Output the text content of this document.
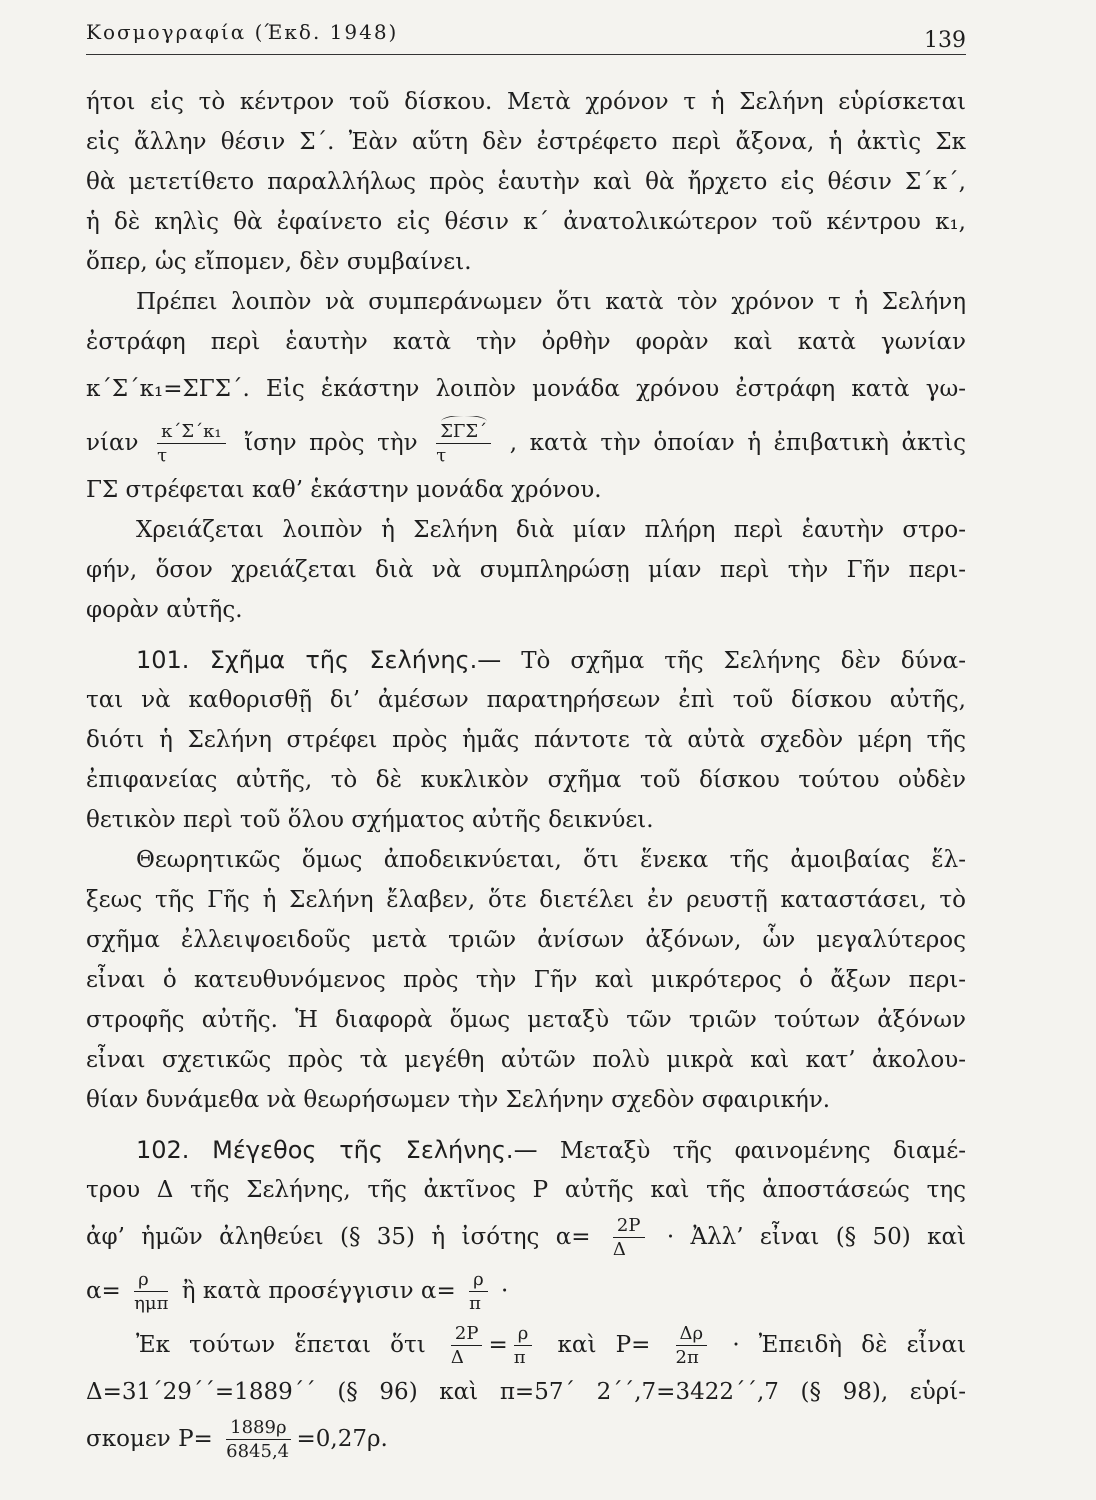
Κοσμογραφία (Έκδ. 1948)	139
ήτοι εἰς τὸ κέντρον τοῦ δίσκου. Μετὰ χρόνον τ ἡ Σελήνη εὑρίσκεται
εἰς ἄλλην θέσιν Σ΄. Ἐὰν αὕτη δὲν ἐστρέφετο περὶ ἄξονα, ἡ ἀκτὶς Σκ
θὰ μετετίθετο παραλλήλως πρὸς ἑαυτὴν καὶ θὰ ἤρχετο εἰς θέσιν Σ΄κ΄,
ἡ δὲ κηλὶς θὰ ἐφαίνετο εἰς θέσιν κ΄ ἀνατολικώτερον τοῦ κέντρου κ₁,
ὅπερ, ὡς εἴπομεν, δὲν συμβαίνει.
Πρέπει λοιπὸν νὰ συμπεράνωμεν ὅτι κατὰ τὸν χρόνον τ ἡ Σελήνη
ἐστράφη περὶ ἑαυτὴν κατὰ τὴν ὀρθὴν φορὰν καὶ κατὰ γωνίαν
κ΄Σ΄κ₁=ΣΓΣ΄. Εἰς ἑκάστην λοιπὸν μονάδα χρόνου ἐστράφη κατὰ γω-
νίαν $\frac{\text{κ΄Σ΄κ₁}}{\tau}$ ἴσην πρὸς τὴν $\frac{\text{ΣΓΣ΄}}{\tau}$ , κατὰ τὴν ὁποίαν ἡ ἐπιβατικὴ ἀκτὶς
ΓΣ στρέφεται καθ’ ἑκάστην μονάδα χρόνου.
Χρειάζεται λοιπὸν ἡ Σελήνη διὰ μίαν πλήρη περὶ ἑαυτὴν στρο-
φήν, ὅσον χρειάζεται διὰ νὰ συμπληρώσῃ μίαν περὶ τὴν Γῆν περι-
φορὰν αὐτῆς.
101. Σχῆμα τῆς Σελήνης.— Τὸ σχῆμα τῆς Σελήνης δὲν δύνα-
ται νὰ καθορισθῇ δι’ ἀμέσων παρατηρήσεων ἐπὶ τοῦ δίσκου αὐτῆς,
διότι ἡ Σελήνη στρέφει πρὸς ἡμᾶς πάντοτε τὰ αὐτὰ σχεδὸν μέρη τῆς
ἐπιφανείας αὐτῆς, τὸ δὲ κυκλικὸν σχῆμα τοῦ δίσκου τούτου οὐδὲν
θετικὸν περὶ τοῦ ὅλου σχήματος αὐτῆς δεικνύει.
Θεωρητικῶς ὅμως ἀποδεικνύεται, ὅτι ἕνεκα τῆς ἀμοιβαίας ἕλ-
ξεως τῆς Γῆς ἡ Σελήνη ἔλαβεν, ὅτε διετέλει ἐν ρευστῇ καταστάσει, τὸ
σχῆμα ἐλλειψοειδοῦς μετὰ τριῶν ἀνίσων ἀξόνων, ὧν μεγαλύτερος
εἶναι ὁ κατευθυνόμενος πρὸς τὴν Γῆν καὶ μικρότερος ὁ ἄξων περι-
στροφῆς αὐτῆς. Ἡ διαφορὰ ὅμως μεταξὺ τῶν τριῶν τούτων ἀξόνων
εἶναι σχετικῶς πρὸς τὰ μεγέθη αὐτῶν πολὺ μικρὰ καὶ κατ’ ἀκολου-
θίαν δυνάμεθα νὰ θεωρήσωμεν τὴν Σελήνην σχεδὸν σφαιρικήν.
102. Μέγεθος τῆς Σελήνης.— Μεταξὺ τῆς φαινομένης διαμέ-
τρου Δ τῆς Σελήνης, τῆς ἀκτῖνος Ρ αὐτῆς καὶ τῆς ἀποστάσεώς της
ἀφ’ ἡμῶν ἀληθεύει (§ 35) ἡ ἰσότης $\alpha= \frac{2P}{\Delta}$ · Ἀλλ’ εἶναι (§ 50) καὶ
$\alpha= \frac{\rho}{\text{ημπ}}$ ἢ κατὰ προσέγγισιν $\alpha= \frac{\rho}{\pi}$ ·
Ἐκ τούτων ἕπεται ὅτι $\frac{2P}{\Delta} = \frac{\rho}{\pi}$ καὶ $P= \frac{\Delta\rho}{2\pi}$ · Ἐπειδὴ δὲ εἶναι
Δ=31΄29΄΄=1889΄΄ (§ 96) καὶ π=57΄ 2΄΄,7=3422΄΄,7 (§ 98), εὑρί-
σκομεν $P= \frac{1889\rho}{6845,4} =0,27\rho$.
